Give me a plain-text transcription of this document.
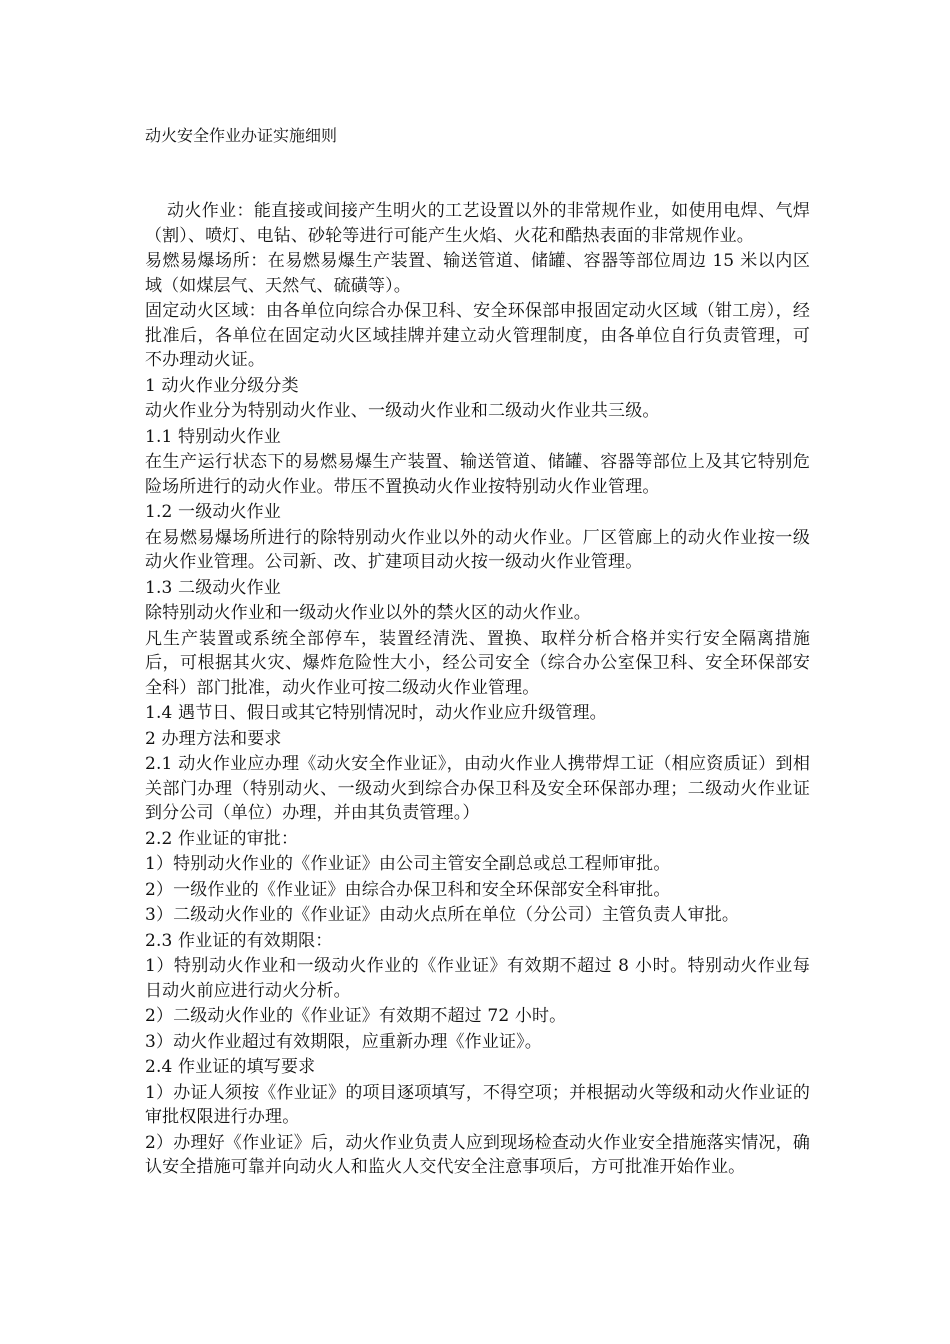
动火安全作业办证实施细则

动火作业：能直接或间接产生明火的工艺设置以外的非常规作业，如使用电焊、气焊（割）、喷灯、电钻、砂轮等进行可能产生火焰、火花和酷热表面的非常规作业。

易燃易爆场所：在易燃易爆生产装置、输送管道、储罐、容器等部位周边 15 米以内区域（如煤层气、天然气、硫磺等）。

固定动火区域：由各单位向综合办保卫科、安全环保部申报固定动火区域（钳工房），经批准后，各单位在固定动火区域挂牌并建立动火管理制度，由各单位自行负责管理，可不办理动火证。

1 动火作业分级分类

动火作业分为特别动火作业、一级动火作业和二级动火作业共三级。

1.1 特别动火作业

在生产运行状态下的易燃易爆生产装置、输送管道、储罐、容器等部位上及其它特别危险场所进行的动火作业。带压不置换动火作业按特别动火作业管理。

1.2 一级动火作业

在易燃易爆场所进行的除特别动火作业以外的动火作业。厂区管廊上的动火作业按一级动火作业管理。公司新、改、扩建项目动火按一级动火作业管理。

1.3 二级动火作业

除特别动火作业和一级动火作业以外的禁火区的动火作业。

凡生产装置或系统全部停车，装置经清洗、置换、取样分析合格并实行安全隔离措施后，可根据其火灾、爆炸危险性大小，经公司安全（综合办公室保卫科、安全环保部安全科）部门批准，动火作业可按二级动火作业管理。

1.4 遇节日、假日或其它特别情况时，动火作业应升级管理。

2 办理方法和要求

2.1 动火作业应办理《动火安全作业证》，由动火作业人携带焊工证（相应资质证）到相关部门办理（特别动火、一级动火到综合办保卫科及安全环保部办理；二级动火作业证到分公司（单位）办理，并由其负责管理。）

2.2 作业证的审批：

1）特别动火作业的《作业证》由公司主管安全副总或总工程师审批。

2）一级作业的《作业证》由综合办保卫科和安全环保部安全科审批。

3）二级动火作业的《作业证》由动火点所在单位（分公司）主管负责人审批。

2.3 作业证的有效期限：

1）特别动火作业和一级动火作业的《作业证》有效期不超过 8 小时。特别动火作业每日动火前应进行动火分析。

2）二级动火作业的《作业证》有效期不超过 72 小时。

3）动火作业超过有效期限，应重新办理《作业证》。

2.4 作业证的填写要求

1）办证人须按《作业证》的项目逐项填写，不得空项；并根据动火等级和动火作业证的审批权限进行办理。

2）办理好《作业证》后，动火作业负责人应到现场检查动火作业安全措施落实情况，确认安全措施可靠并向动火人和监火人交代安全注意事项后，方可批准开始作业。
